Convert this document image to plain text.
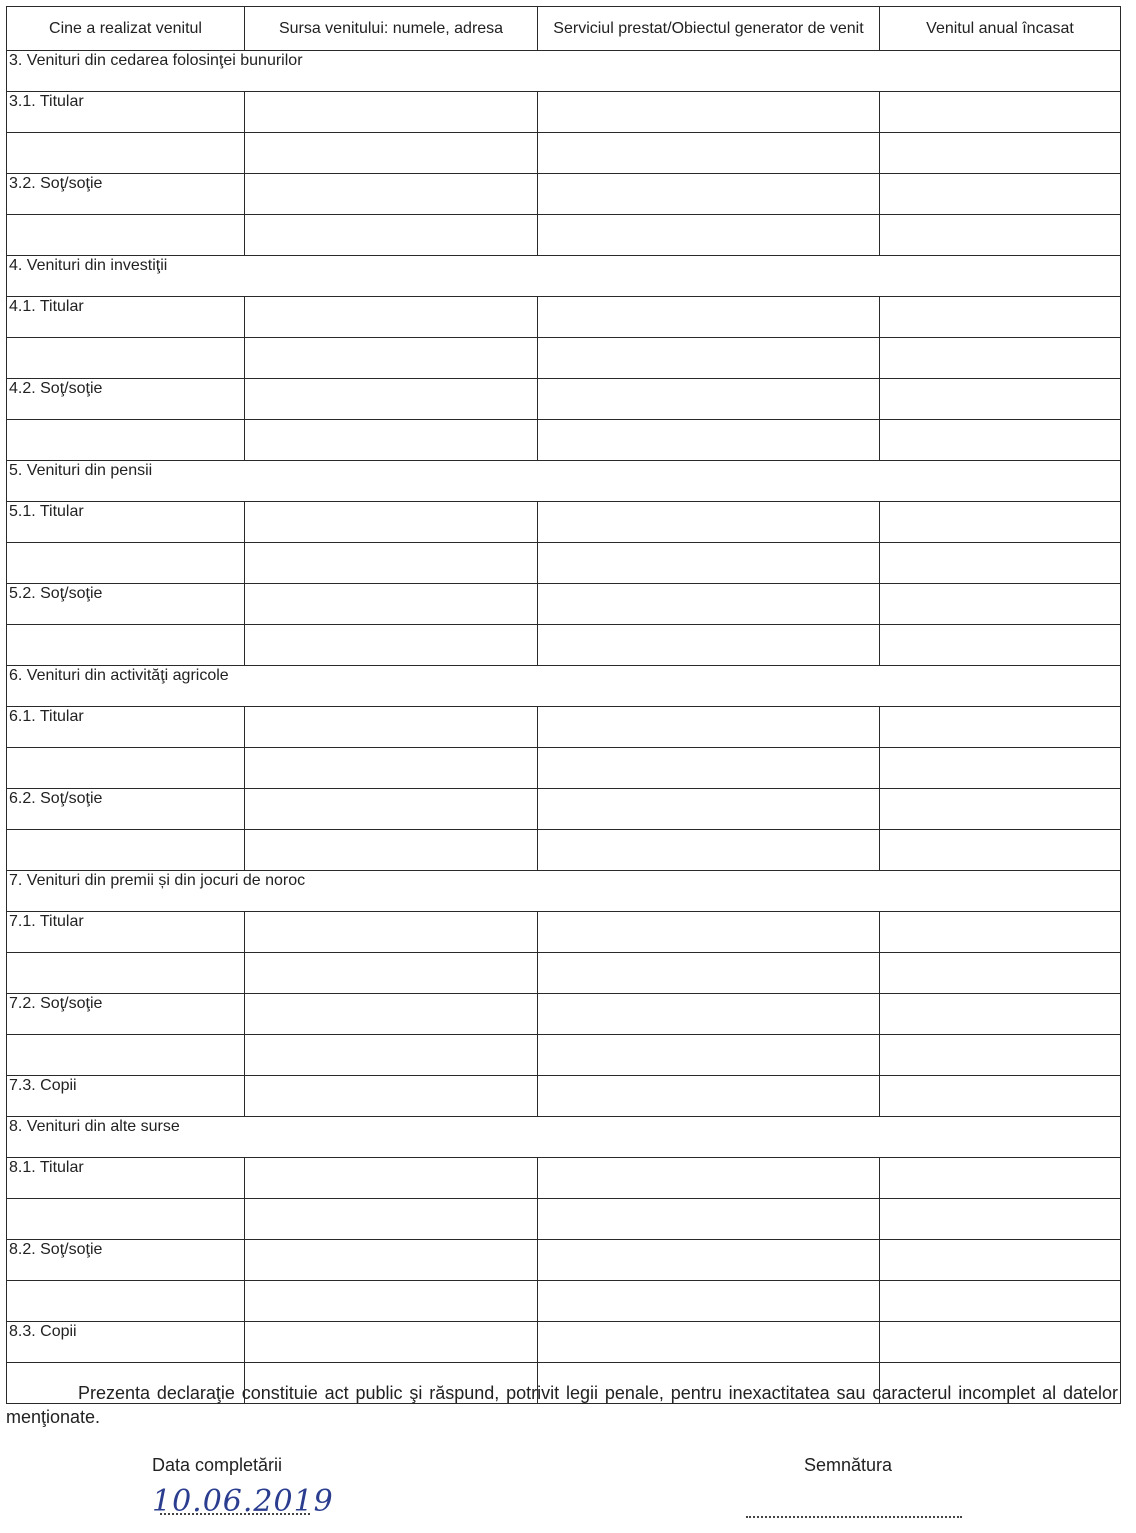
Cine a realizat venitul	Sursa venitului: numele, adresa	Serviciul prestat/Obiectul generator de venit	Venitul anual încasat
3. Venituri din cedarea folosinţei bunurilor			
3.1. Titular			

3.2. Soţ/soţie			

4. Venituri din investiţii			
4.1. Titular			

4.2. Soţ/soţie			

5. Venituri din pensii			
5.1. Titular			

5.2. Soţ/soţie			

6. Venituri din activităţi agricole			
6.1. Titular			

6.2. Soţ/soţie			

7. Venituri din premii și din jocuri de noroc			
7.1. Titular			

7.2. Soţ/soţie			

7.3. Copii			
8. Venituri din alte surse			
8.1. Titular			

8.2. Soţ/soţie			

8.3. Copii			

Prezenta declaraţie constituie act public şi răspund, potrivit legii penale, pentru inexactitatea sau caracterul incomplet al datelor menţionate.
Data completării	Semnătura
10.06.2019
